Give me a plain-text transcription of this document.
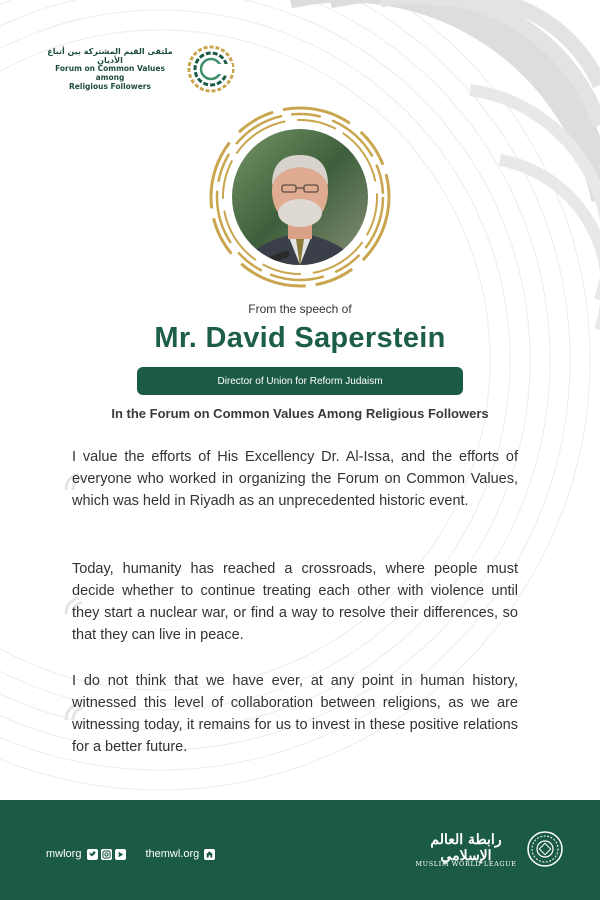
ملتقى القيم المشتركة بين أتباع الأديان
Forum on Common Values among
Religious Followers
From the speech of
Mr. David Saperstein
Director of Union for Reform Judaism
In the Forum on Common Values Among Religious Followers

I value the efforts of His Excellency Dr. Al-Issa, and the efforts of everyone who worked in organizing the Forum on Common Values, which was held in Riyadh as an unprecedented historic event.

Today, humanity has reached a crossroads, where people must decide whether to continue treating each other with violence until they start a nuclear war, or find a way to resolve their differences, so that they can live in peace.

I do not think that we have ever, at any point in human history, witnessed this level of collaboration between religions, as we are witnessing today, it remains for us to invest in these positive relations for a better future.

mwlorg	themwl.org
رابطة العالم الإسلامي
MUSLIM WORLD LEAGUE
